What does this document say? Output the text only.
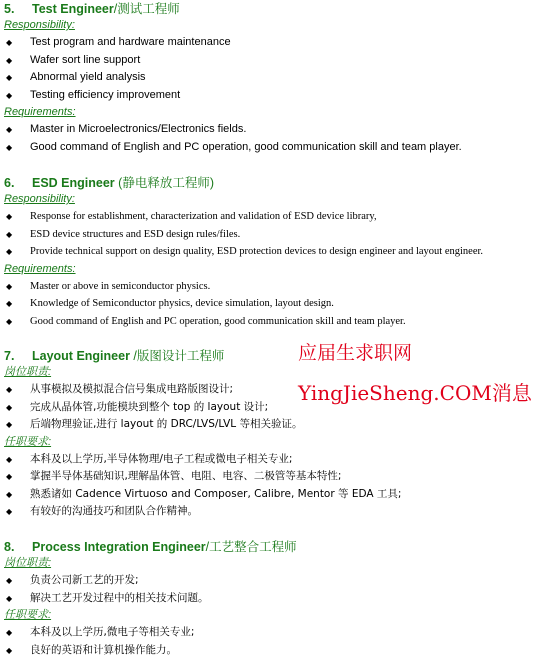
5. Test Engineer/测试工程师
Responsibility:
◆ Test program and hardware maintenance
◆ Wafer sort line support
◆ Abnormal yield analysis
◆ Testing efficiency improvement
Requirements:
◆ Master in Microelectronics/Electronics fields.
◆ Good command of English and PC operation, good communication skill and team player.
6. ESD Engineer (静电释放工程师)
Responsibility:
◆ Response for establishment, characterization and validation of ESD device library,
◆ ESD device structures and ESD design rules/files.
◆ Provide technical support on design quality, ESD protection devices to design engineer and layout engineer.
Requirements:
◆ Master or above in semiconductor physics.
◆ Knowledge of Semiconductor physics, device simulation, layout design.
◆ Good command of English and PC operation, good communication skill and team player.
7. Layout Engineer /版图设计工程师
岗位职责:
◆ 从事模拟及模拟混合信号集成电路版图设计;
◆ 完成从晶体管,功能模块到整个 top 的 layout 设计;
◆ 后端物理验证,进行 layout 的 DRC/LVS/LVL 等相关验证。
任职要求:
◆ 本科及以上学历,半导体物理/电子工程或微电子相关专业;
◆ 掌握半导体基础知识,理解晶体管、电阻、电容、二极管等基本特性;
◆ 熟悉诸如 Cadence Virtuoso and Composer, Calibre, Mentor 等 EDA 工具;
◆ 有较好的沟通技巧和团队合作精神。
8. Process Integration Engineer/工艺整合工程师
岗位职责:
◆ 负责公司新工艺的开发;
◆ 解决工艺开发过程中的相关技术问题。
任职要求:
◆ 本科及以上学历,微电子等相关专业;
◆ 良好的英语和计算机操作能力。
应届生求职网
YingJieSheng.COM消息
